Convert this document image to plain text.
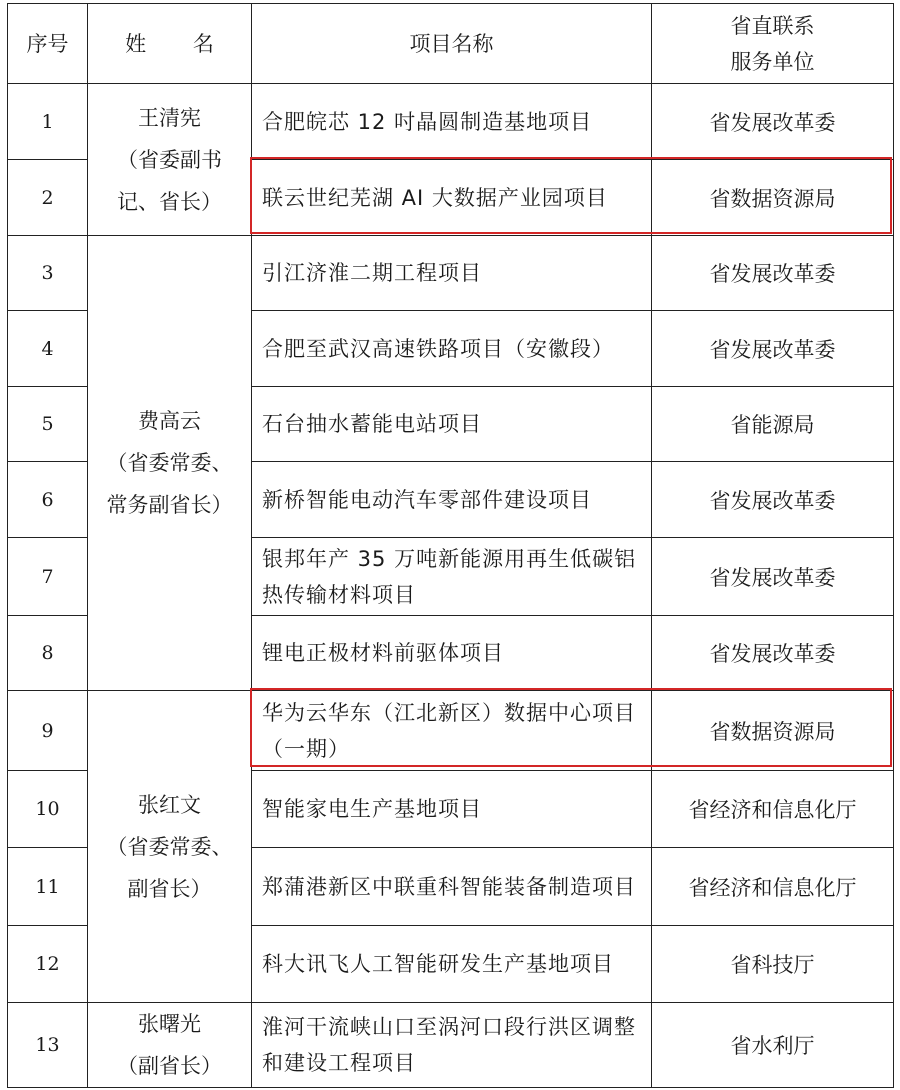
序号	姓 名	项目名称	省直联系
服务单位

1	王清宪
（省委副书
记、省长）	合肥皖芯 12 吋晶圆制造基地项目	省发展改革委
2		联云世纪芜湖 AI 大数据产业园项目	省数据资源局
3	费高云
（省委常委、
常务副省长）	引江济淮二期工程项目	省发展改革委
4		合肥至武汉高速铁路项目（安徽段）	省发展改革委
5		石台抽水蓄能电站项目	省能源局
6		新桥智能电动汽车零部件建设项目	省发展改革委
7		银邦年产 35 万吨新能源用再生低碳铝热传输材料项目	省发展改革委
8		锂电正极材料前驱体项目	省发展改革委
9	张红文
（省委常委、
副省长）	华为云华东（江北新区）数据中心项目（一期）	省数据资源局
10		智能家电生产基地项目	省经济和信息化厅
11		郑蒲港新区中联重科智能装备制造项目	省经济和信息化厅
12		科大讯飞人工智能研发生产基地项目	省科技厅
13	张曙光
（副省长）	淮河干流峡山口至涡河口段行洪区调整和建设工程项目	省水利厅
